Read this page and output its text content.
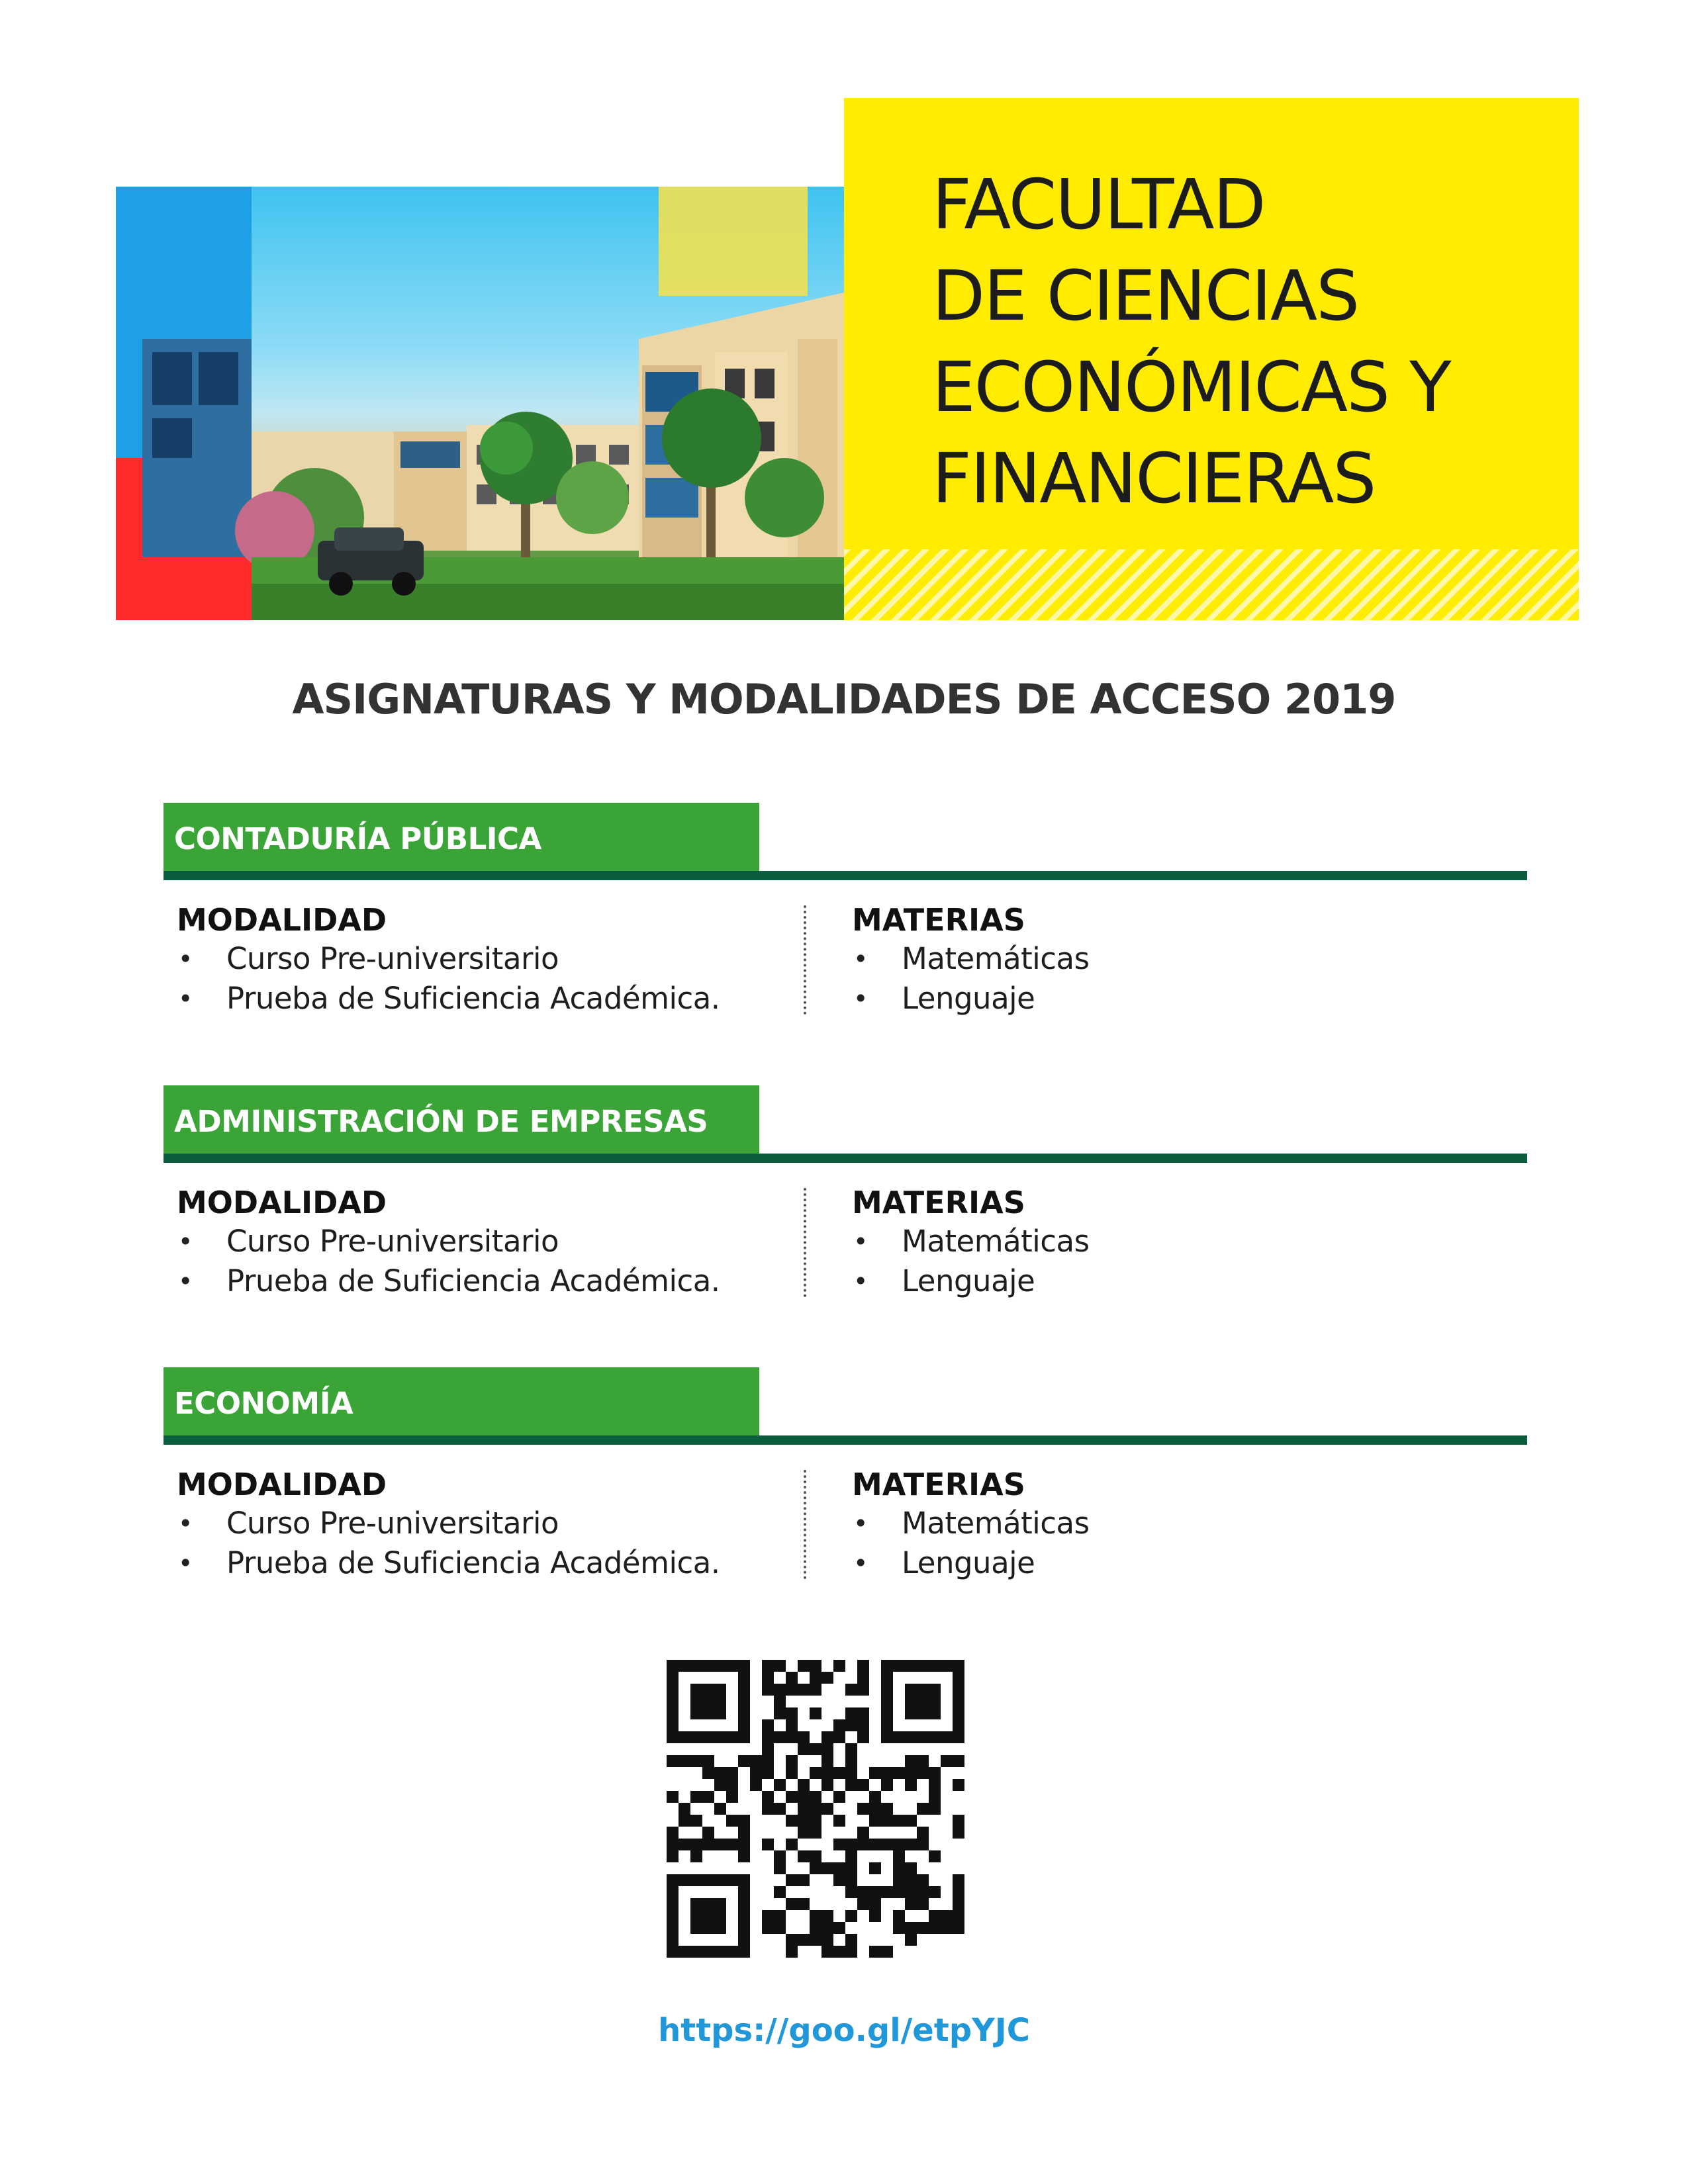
FACULTAD
DE CIENCIAS
ECONÓMICAS Y
FINANCIERAS
ASIGNATURAS Y MODALIDADES DE ACCESO 2019
CONTADURÍA PÚBLICA
MODALIDAD
• Curso Pre-universitario
• Prueba de Suficiencia Académica.
MATERIAS
• Matemáticas
• Lenguaje
ADMINISTRACIÓN DE EMPRESAS
MODALIDAD
• Curso Pre-universitario
• Prueba de Suficiencia Académica.
MATERIAS
• Matemáticas
• Lenguaje
ECONOMÍA
MODALIDAD
• Curso Pre-universitario
• Prueba de Suficiencia Académica.
MATERIAS
• Matemáticas
• Lenguaje
https://goo.gl/etpYJC
